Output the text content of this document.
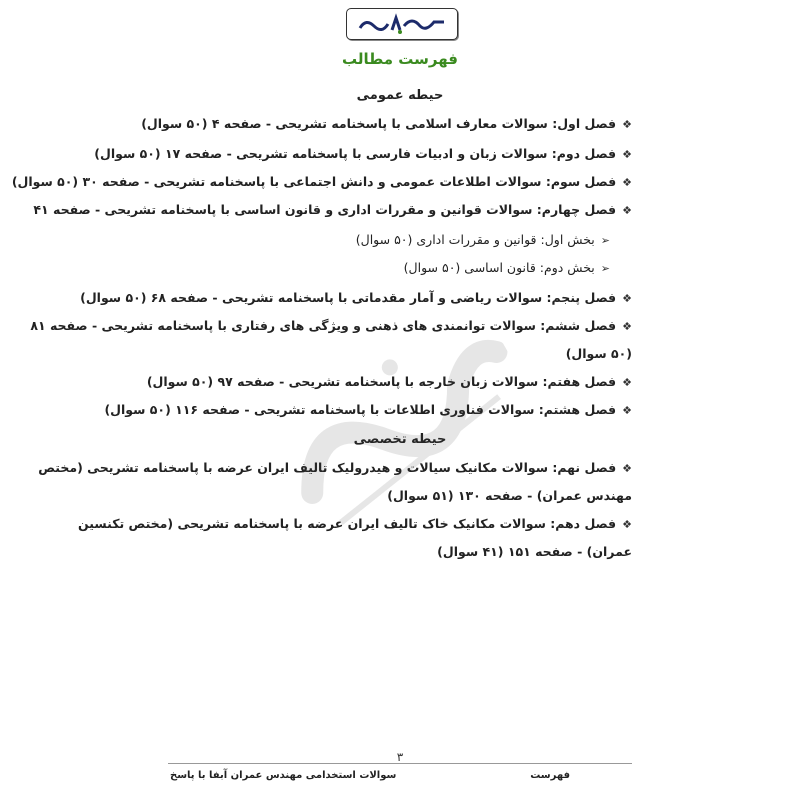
فهرست مطالب
حیطه عمومی
❖فصل اول: سوالات معارف اسلامی با پاسخنامه تشریحی - صفحه ۴ (۵۰ سوال)
❖فصل دوم: سوالات زبان و ادبیات فارسی با پاسخنامه تشریحی - صفحه ۱۷ (۵۰ سوال)
❖فصل سوم: سوالات اطلاعات عمومی و دانش اجتماعی با پاسخنامه تشریحی - صفحه ۳۰ (۵۰ سوال)
❖فصل چهارم: سوالات قوانین و مقررات اداری و قانون اساسی با پاسخنامه تشریحی - صفحه ۴۱
➢بخش اول: قوانین و مقررات اداری (۵۰ سوال)
➢بخش دوم: قانون اساسی (۵۰ سوال)
❖فصل پنجم: سوالات ریاضی و آمار مقدماتی با پاسخنامه تشریحی - صفحه ۶۸ (۵۰ سوال)
❖فصل ششم: سوالات توانمندی های ذهنی و ویژگی های رفتاری با پاسخنامه تشریحی - صفحه ۸۱
(۵۰ سوال)
❖فصل هفتم: سوالات زبان خارجه با پاسخنامه تشریحی - صفحه ۹۷ (۵۰ سوال)
❖فصل هشتم: سوالات فناوری اطلاعات با پاسخنامه تشریحی - صفحه ۱۱۶ (۵۰ سوال)
حیطه تخصصی
❖فصل نهم: سوالات مکانیک سیالات و هیدرولیک تالیف ایران عرضه با پاسخنامه تشریحی (مختص
مهندس عمران) - صفحه ۱۳۰ (۵۱ سوال)
❖فصل دهم: سوالات مکانیک خاک تالیف ایران عرضه با پاسخنامه تشریحی (مختص تکنسین
عمران) - صفحه ۱۵۱ (۴۱ سوال)
۳
سوالات استخدامی مهندس عمران آبفا با پاسخ	فهرست
